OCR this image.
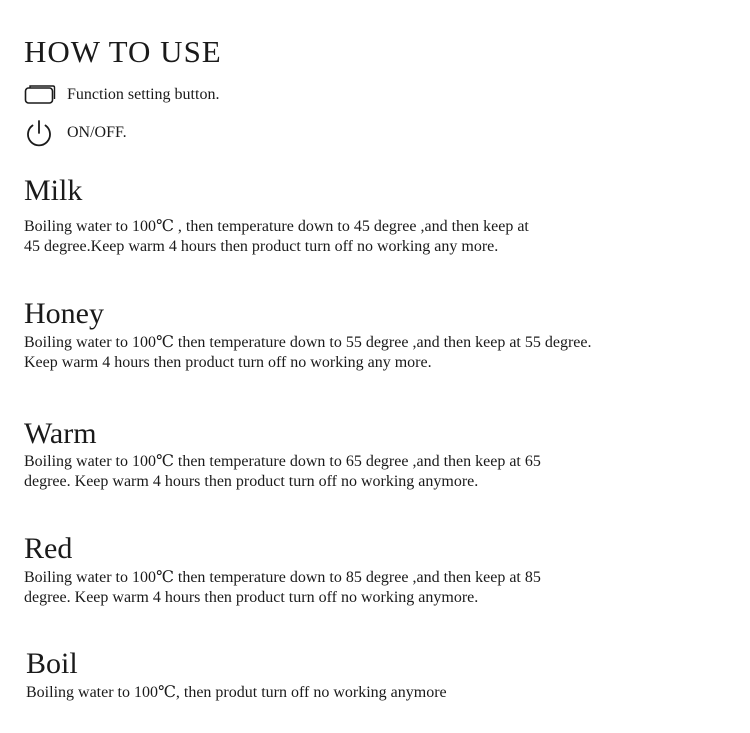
HOW TO USE
Function setting button.
ON/OFF.
Milk
Boiling water to 100℃ , then temperature down to 45 degree ,and then keep at
45 degree.Keep warm 4 hours then product turn off no working any more.
Honey
Boiling water to 100℃ then temperature down to 55 degree ,and then keep at 55 degree.
Keep warm 4 hours then product turn off no working any more.
Warm
Boiling water to 100℃ then temperature down to 65 degree ,and then keep at 65
degree. Keep warm 4 hours then product turn off no working anymore.
Red
Boiling water to 100℃ then temperature down to 85 degree ,and then keep at 85
degree. Keep warm 4 hours then product turn off no working anymore.
Boil
Boiling water to 100℃, then produt turn off no working anymore
